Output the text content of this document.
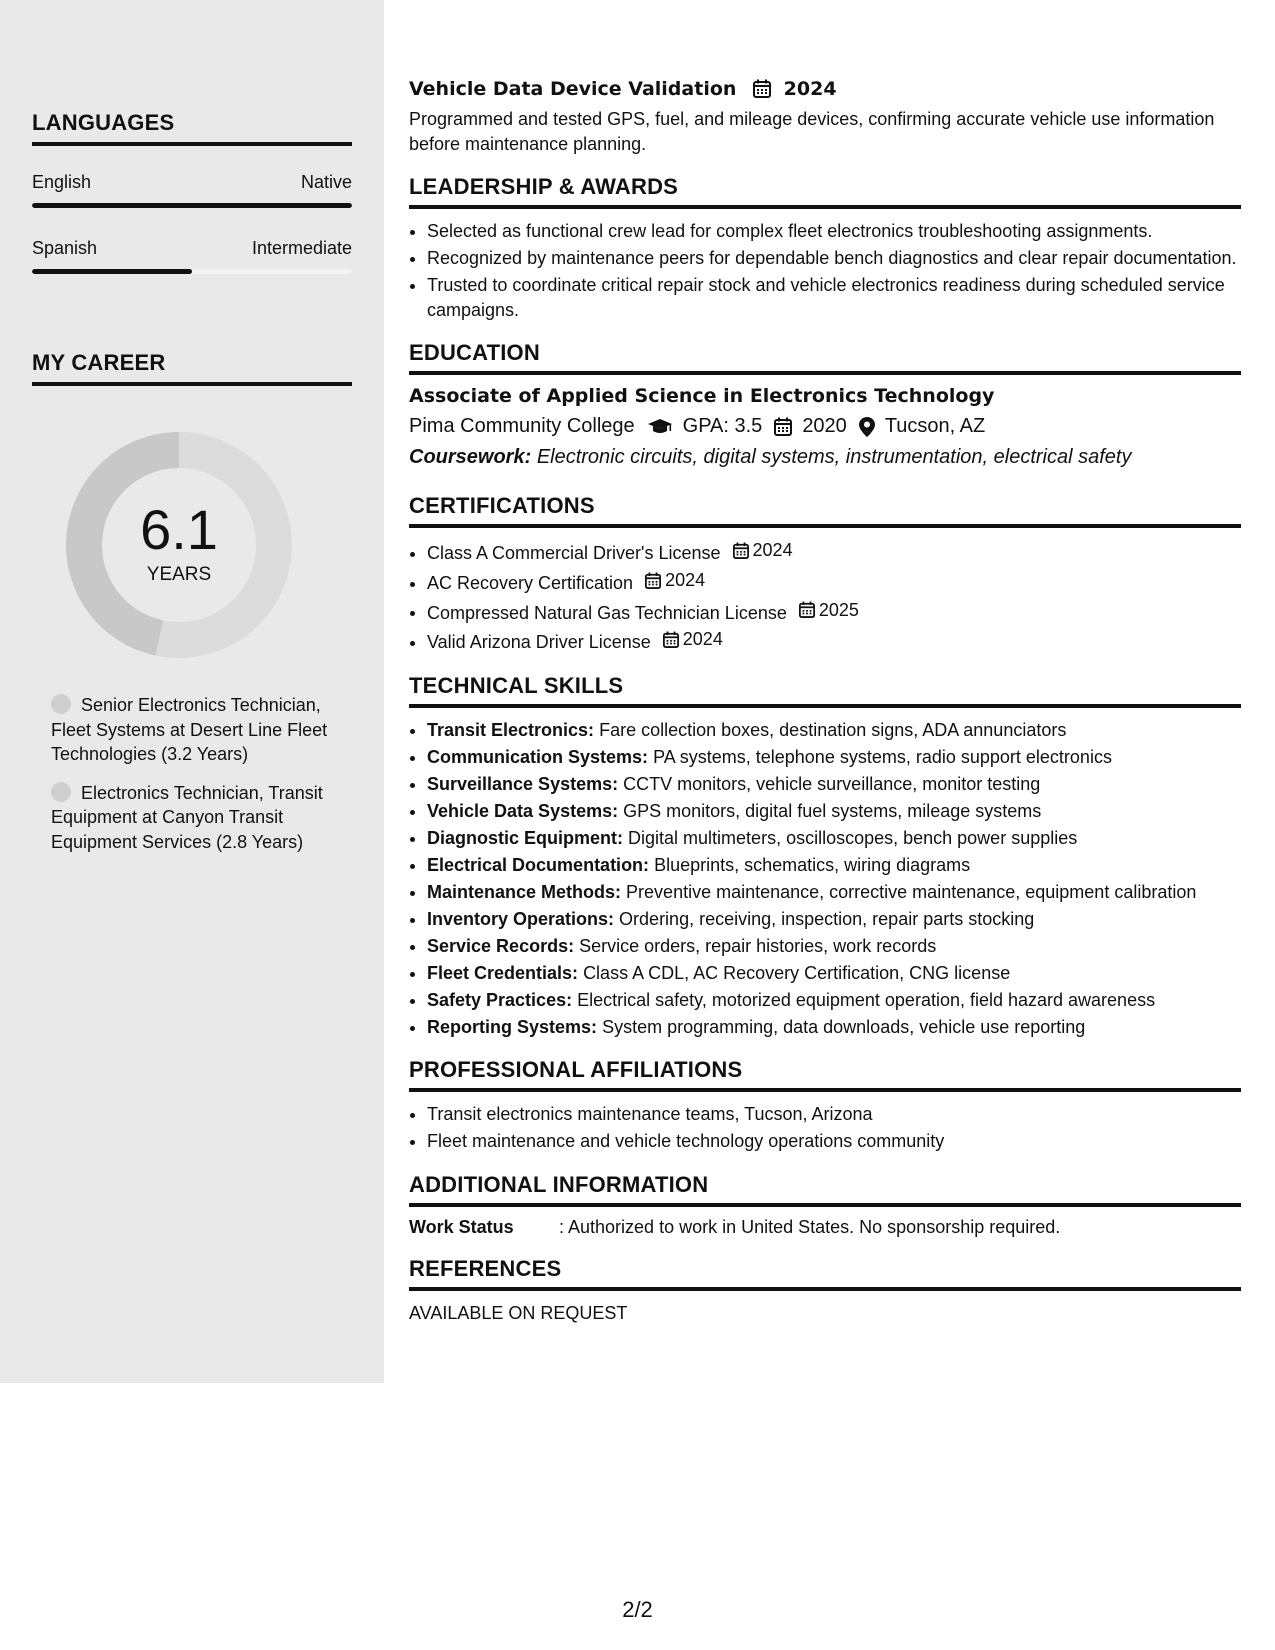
LANGUAGES
English	Native
Spanish	Intermediate
MY CAREER
6.1
YEARS
Senior Electronics Technician, Fleet Systems at Desert Line Fleet Technologies (3.2 Years)
Electronics Technician, Transit Equipment at Canyon Transit Equipment Services (2.8 Years)
Vehicle Data Device Validation 2024
Programmed and tested GPS, fuel, and mileage devices, confirming accurate vehicle use information before maintenance planning.
LEADERSHIP & AWARDS
• Selected as functional crew lead for complex fleet electronics troubleshooting assignments.
• Recognized by maintenance peers for dependable bench diagnostics and clear repair documentation.
• Trusted to coordinate critical repair stock and vehicle electronics readiness during scheduled service campaigns.
EDUCATION
Associate of Applied Science in Electronics Technology
Pima Community College GPA: 3.5 2020 Tucson, AZ
Coursework: Electronic circuits, digital systems, instrumentation, electrical safety
CERTIFICATIONS
• Class A Commercial Driver's License 2024
• AC Recovery Certification 2024
• Compressed Natural Gas Technician License 2025
• Valid Arizona Driver License 2024
TECHNICAL SKILLS
• Transit Electronics: Fare collection boxes, destination signs, ADA annunciators
• Communication Systems: PA systems, telephone systems, radio support electronics
• Surveillance Systems: CCTV monitors, vehicle surveillance, monitor testing
• Vehicle Data Systems: GPS monitors, digital fuel systems, mileage systems
• Diagnostic Equipment: Digital multimeters, oscilloscopes, bench power supplies
• Electrical Documentation: Blueprints, schematics, wiring diagrams
• Maintenance Methods: Preventive maintenance, corrective maintenance, equipment calibration
• Inventory Operations: Ordering, receiving, inspection, repair parts stocking
• Service Records: Service orders, repair histories, work records
• Fleet Credentials: Class A CDL, AC Recovery Certification, CNG license
• Safety Practices: Electrical safety, motorized equipment operation, field hazard awareness
• Reporting Systems: System programming, data downloads, vehicle use reporting
PROFESSIONAL AFFILIATIONS
• Transit electronics maintenance teams, Tucson, Arizona
• Fleet maintenance and vehicle technology operations community
ADDITIONAL INFORMATION
Work Status	: Authorized to work in United States. No sponsorship required.
REFERENCES
AVAILABLE ON REQUEST
2/2
